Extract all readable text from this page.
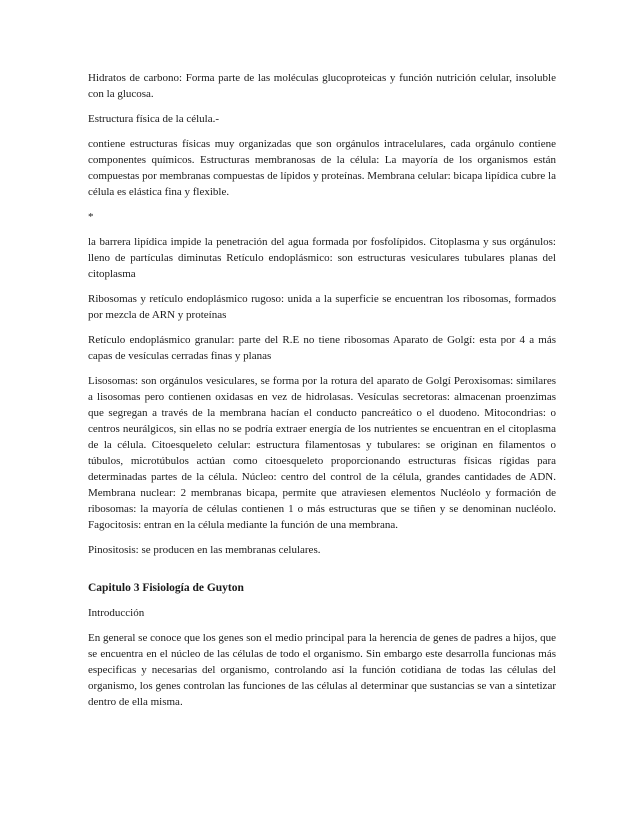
Hidratos de carbono: Forma parte de las moléculas glucoproteicas y función nutrición celular, insoluble con la glucosa.

Estructura física de la célula.-

contiene estructuras físicas muy organizadas que son orgánulos intracelulares, cada orgánulo contiene componentes químicos. Estructuras membranosas de la célula: La mayoría de los organismos están compuestas por membranas compuestas de lípidos y proteínas. Membrana celular: bicapa lipídica cubre la célula es elástica fina y flexible.

*

la barrera lipídica impide la penetración del agua formada por fosfolípidos. Citoplasma y sus orgánulos: lleno de partículas diminutas Retículo endoplásmico: son estructuras vesiculares tubulares planas del citoplasma

Ribosomas y retículo endoplásmico rugoso: unida a la superficie se encuentran los ribosomas, formados por mezcla de ARN y proteínas

Retículo endoplásmico granular: parte del R.E no tiene ribosomas Aparato de Golgí: esta por 4 a más capas de vesículas cerradas finas y planas

Lisosomas: son orgánulos vesiculares, se forma por la rotura del aparato de Golgí Peroxisomas: similares a lisosomas pero contienen oxidasas en vez de hidrolasas. Vesículas secretoras: almacenan proenzimas que segregan a través de la membrana hacían el conducto pancreático o el duodeno. Mitocondrias: o centros neurálgicos, sin ellas no se podría extraer energía de los nutrientes se encuentran en el citoplasma de la célula. Citoesqueleto celular: estructura filamentosas y tubulares: se originan en filamentos o túbulos, microtúbulos actúan como citoesqueleto proporcionando estructuras físicas rígidas para determinadas partes de la célula. Núcleo: centro del control de la célula, grandes cantidades de ADN. Membrana nuclear: 2 membranas bicapa, permite que atraviesen elementos Nucléolo y formación de ribosomas: la mayoría de células contienen 1 o más estructuras que se tiñen y se denominan nucléolo. Fagocitosis: entran en la célula mediante la función de una membrana.

Pinositosis: se producen en las membranas celulares.

Capitulo 3 Fisiología de Guyton

Introducción

En general se conoce que los genes son el medio principal para la herencia de genes de padres a hijos, que se encuentra en el núcleo de las células de todo el organismo. Sin embargo este desarrolla funcionas más especificas y necesarias del organismo, controlando así la función cotidiana de todas las células del organismo, los genes controlan las funciones de las células al determinar que sustancias se van a sintetizar dentro de ella misma.
